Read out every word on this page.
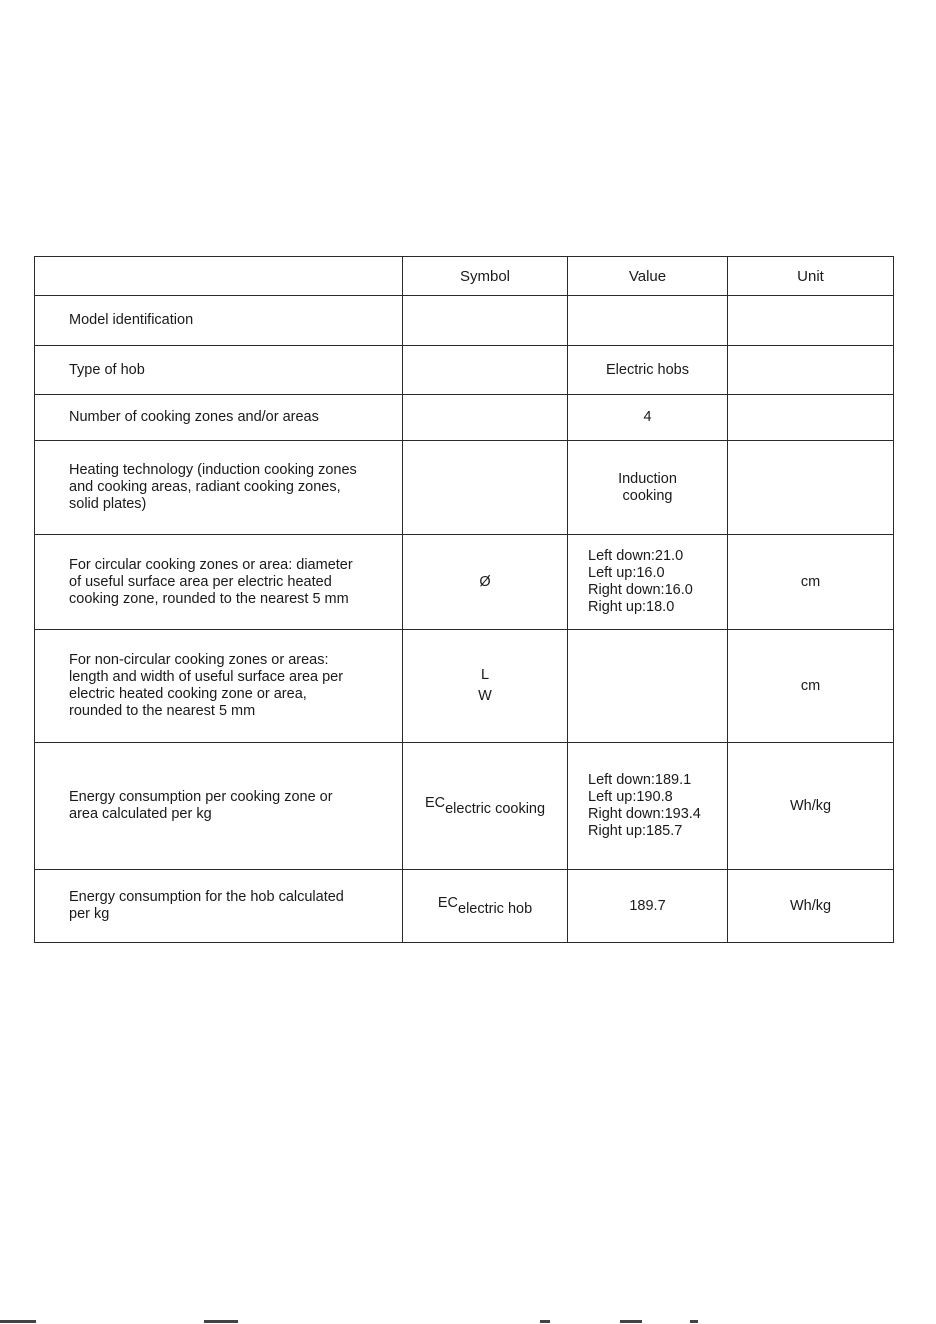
	Symbol	Value	Unit

Model identification			

Type of hob		Electric hobs	

Number of cooking zones and/or areas		4	

Heating technology (induction cooking zones
and cooking areas, radiant cooking zones,
solid plates)		Induction
cooking	

For circular cooking zones or area: diameter
of useful surface area per electric heated
cooking zone, rounded to the nearest 5 mm	Ø	Left down:21.0
Left up:16.0
Right down:16.0
Right up:18.0	cm

For non-circular cooking zones or areas:
length and width of useful surface area per
electric heated cooking zone or area,
rounded to the nearest 5 mm	L
W		cm

Energy consumption per cooking zone or
area calculated per kg	ECelectric cooking	Left down:189.1
Left up:190.8
Right down:193.4
Right up:185.7	Wh/kg

Energy consumption for the hob calculated
per kg	ECelectric hob	189.7	Wh/kg
